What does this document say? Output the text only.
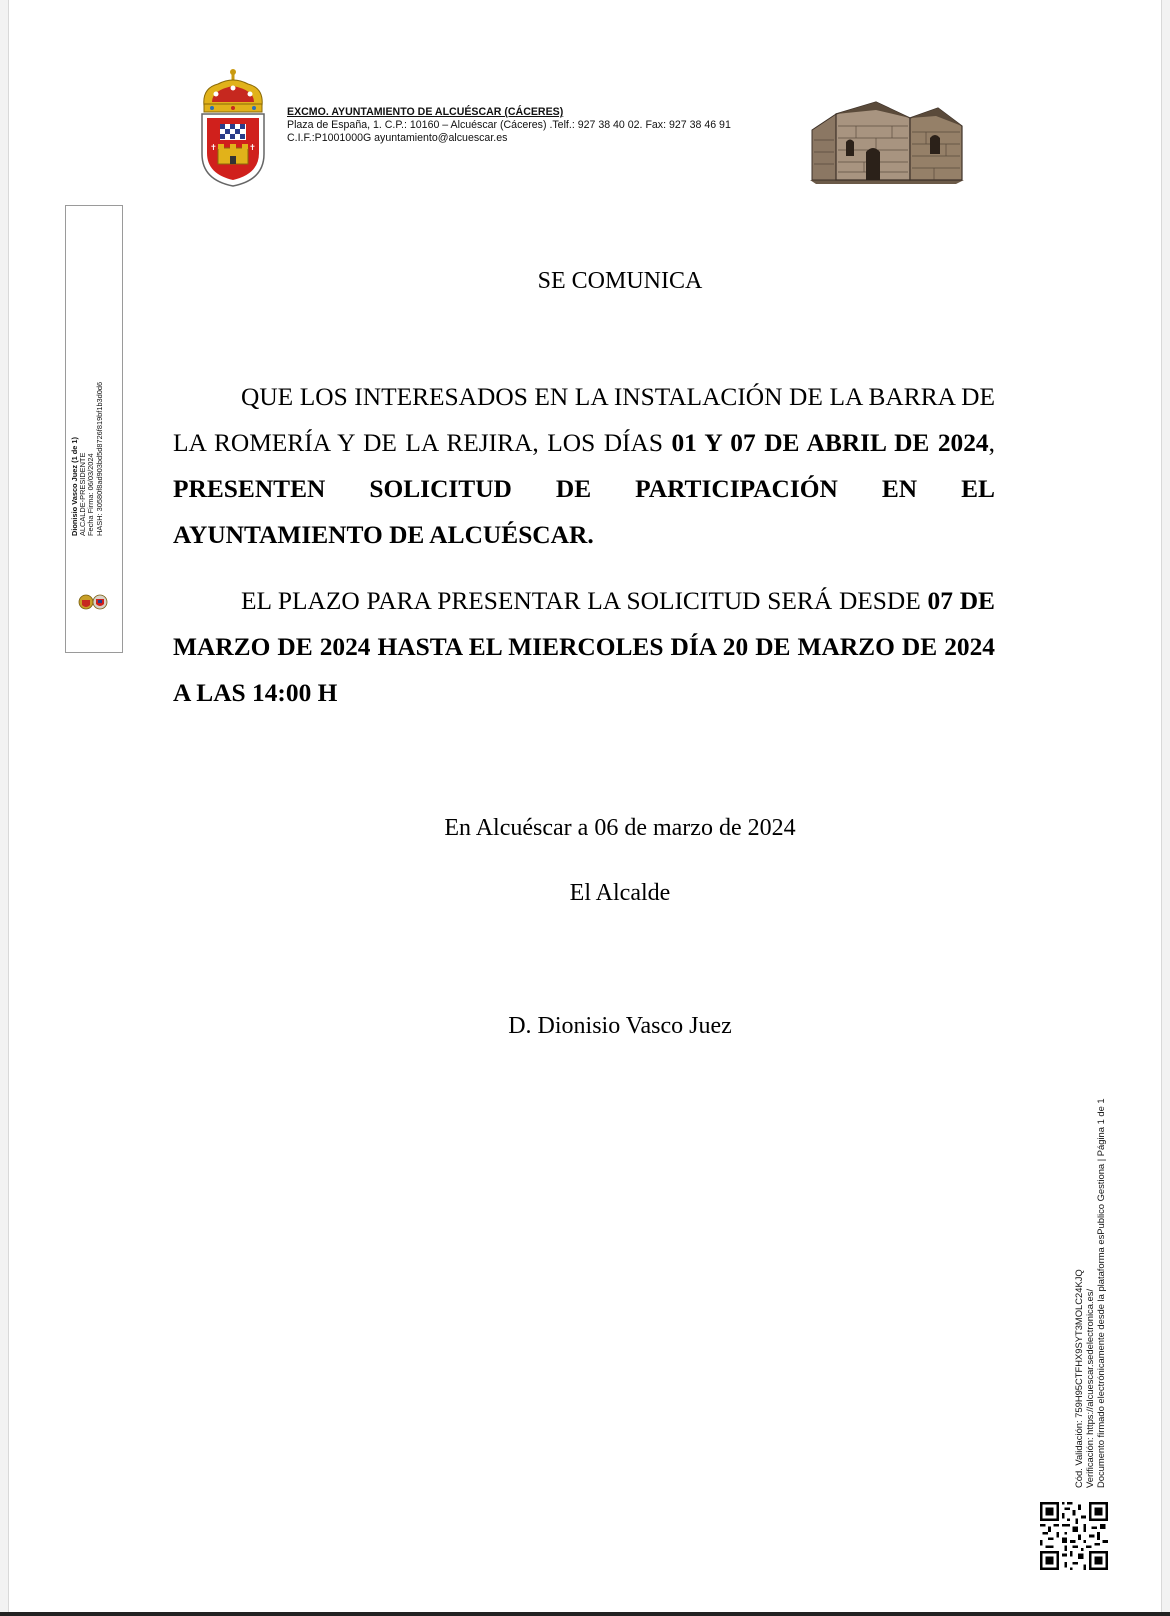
✝	✝
EXCMO. AYUNTAMIENTO DE ALCUÉSCAR (CÁCERES)
Plaza de España, 1. C.P.: 10160 – Alcuéscar (Cáceres) .Telf.: 927 38 40 02. Fax: 927 38 46 91
C.I.F.:P1001000G ayuntamiento@alcuescar.es
Dionisio Vasco Juez (1 de 1) ALCALDE-PRESIDENTE Fecha Firma: 06/03/2024 HASH: 30580f8ad903bd5d8726f819bf1b3d0d6
SE COMUNICA

QUE LOS INTERESADOS EN LA INSTALACIÓN DE LA BARRA DE LA ROMERÍA Y DE LA REJIRA, LOS DÍAS 01 Y 07 DE ABRIL DE 2024, PRESENTEN SOLICITUD DE PARTICIPACIÓN EN EL AYUNTAMIENTO DE ALCUÉSCAR.

EL PLAZO PARA PRESENTAR LA SOLICITUD SERÁ DESDE 07 DE MARZO DE 2024 HASTA EL MIERCOLES DÍA 20 DE MARZO DE 2024 A LAS 14:00 H

En Alcuéscar a 06 de marzo de 2024
El Alcalde
D. Dionisio Vasco Juez
Cód. Validación: 759H95CTFHX9SYT3MOLC24KJQ Verificación: https://alcuescar.sedelectronica.es/ Documento firmado electrónicamente desde la plataforma esPublico Gestiona | Página 1 de 1
